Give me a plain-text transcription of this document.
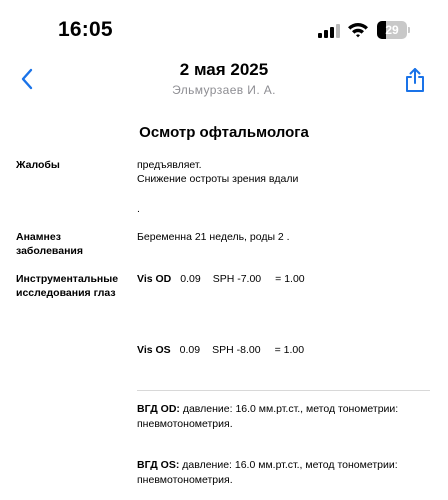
16:05	29
2 мая 2025
Эльмурзаев И. А.
Осмотр офтальмолога
Жалобы	предъявляет.
Снижение остроты зрения вдали
.
Анамнез
заболевания
Беременна 21 недель, роды 2 .
Инструментальные
исследования глаз
Vis OD 0.09 SPH -7.00 = 1.00
Vis OS 0.09 SPH -8.00 = 1.00
ВГД OD: давление: 16.0 мм.рт.ст., метод тонометрии:
пневмотонометрия.
ВГД OS: давление: 16.0 мм.рт.ст., метод тонометрии:
пневмотонометрия.
